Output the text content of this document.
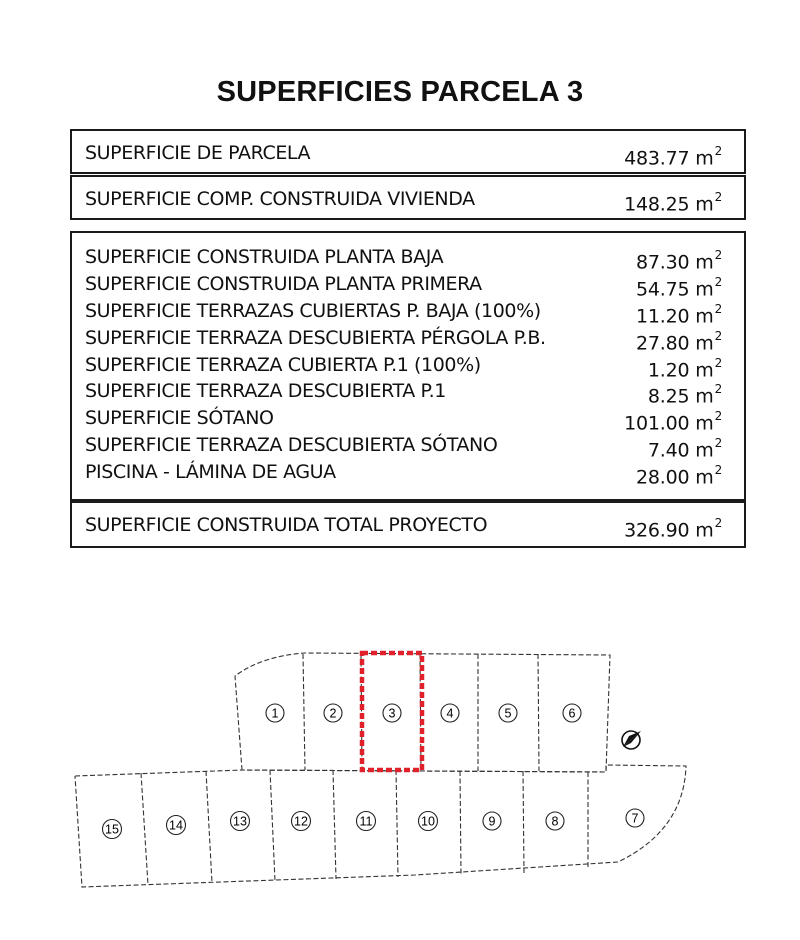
SUPERFICIES PARCELA 3
SUPERFICIE DE PARCELA	483.77 $m^2$
SUPERFICIE COMP. CONSTRUIDA VIVIENDA	148.25 $m^2$
SUPERFICIE CONSTRUIDA PLANTA BAJA	87.30 $m^2$
SUPERFICIE CONSTRUIDA PLANTA PRIMERA	54.75 $m^2$
SUPERFICIE TERRAZAS CUBIERTAS P. BAJA (100%)	11.20 $m^2$
SUPERFICIE TERRAZA DESCUBIERTA PÉRGOLA P.B.	27.80 $m^2$
SUPERFICIE TERRAZA CUBIERTA P.1 (100%)	1.20 $m^2$
SUPERFICIE TERRAZA DESCUBIERTA P.1	8.25 $m^2$
SUPERFICIE SÓTANO	101.00 $m^2$
SUPERFICIE TERRAZA DESCUBIERTA SÓTANO	7.40 $m^2$
PISCINA - LÁMINA DE AGUA	28.00 $m^2$
SUPERFICIE CONSTRUIDA TOTAL PROYECTO	326.90 $m^2$
1	2	3	4	5	6
15	14	13	12	11	10	9	8	7
